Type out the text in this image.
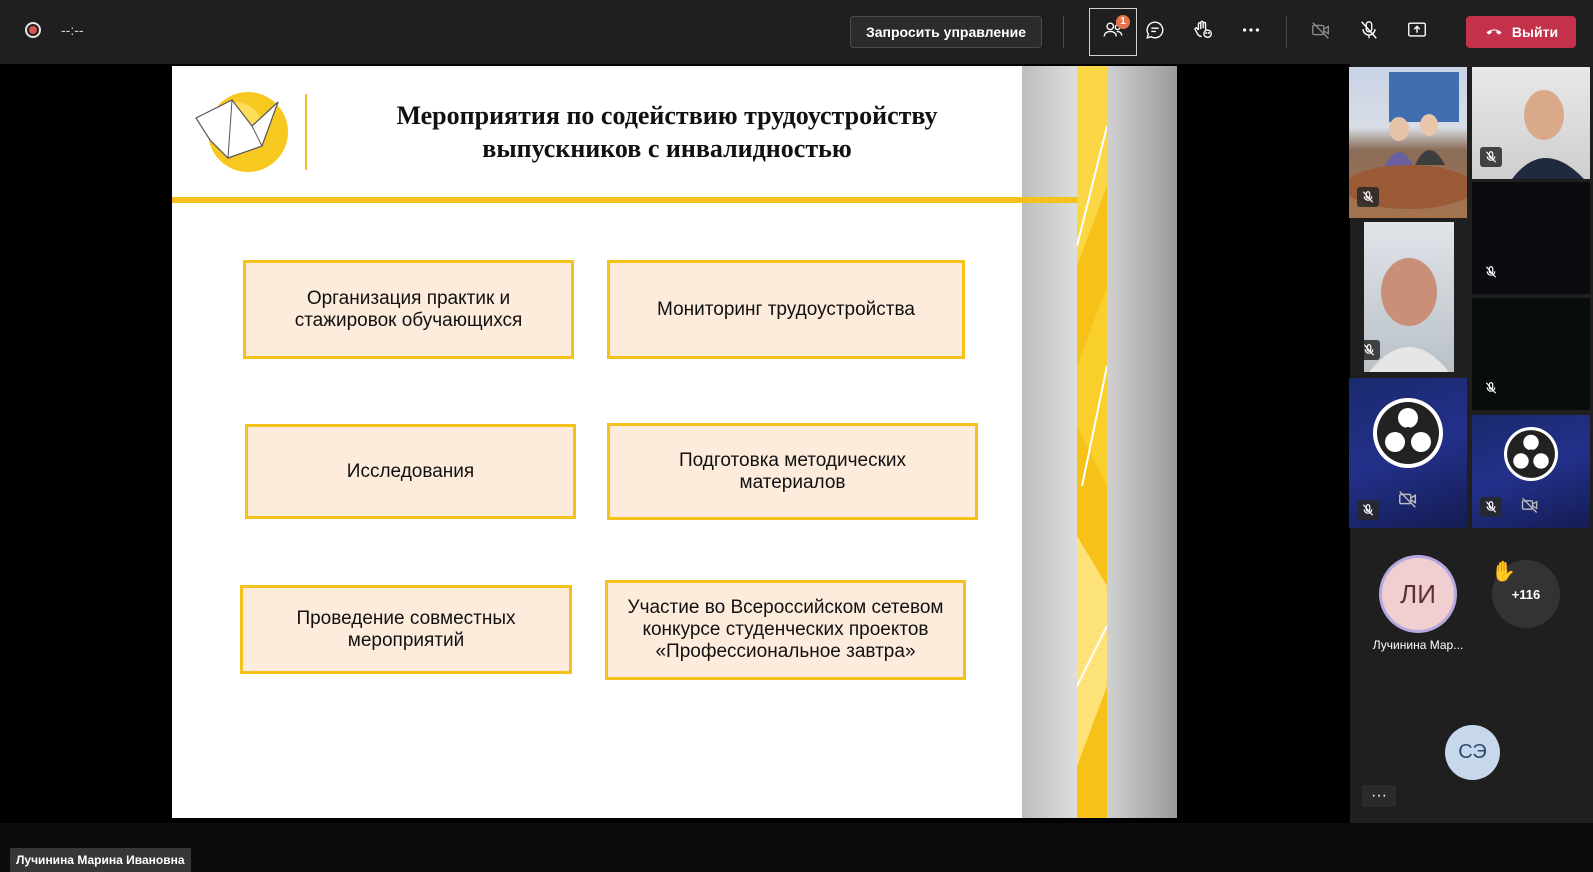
--:--	Запросить управление
1
Выйти
Мероприятия по содействию трудоустройству выпускников с инвалидностью
Организация практик и
стажировок обучающихся
Мониторинг трудоустройства
Исследования
Подготовка методических
материалов
Проведение совместных
мероприятий
Участие во Всероссийском сетевом
конкурсе студенческих проектов
«Профессиональное завтра»
Лучинина Марина Ивановна
ЛИ
Лучинина Мар...
+116
✋
СЭ
···
